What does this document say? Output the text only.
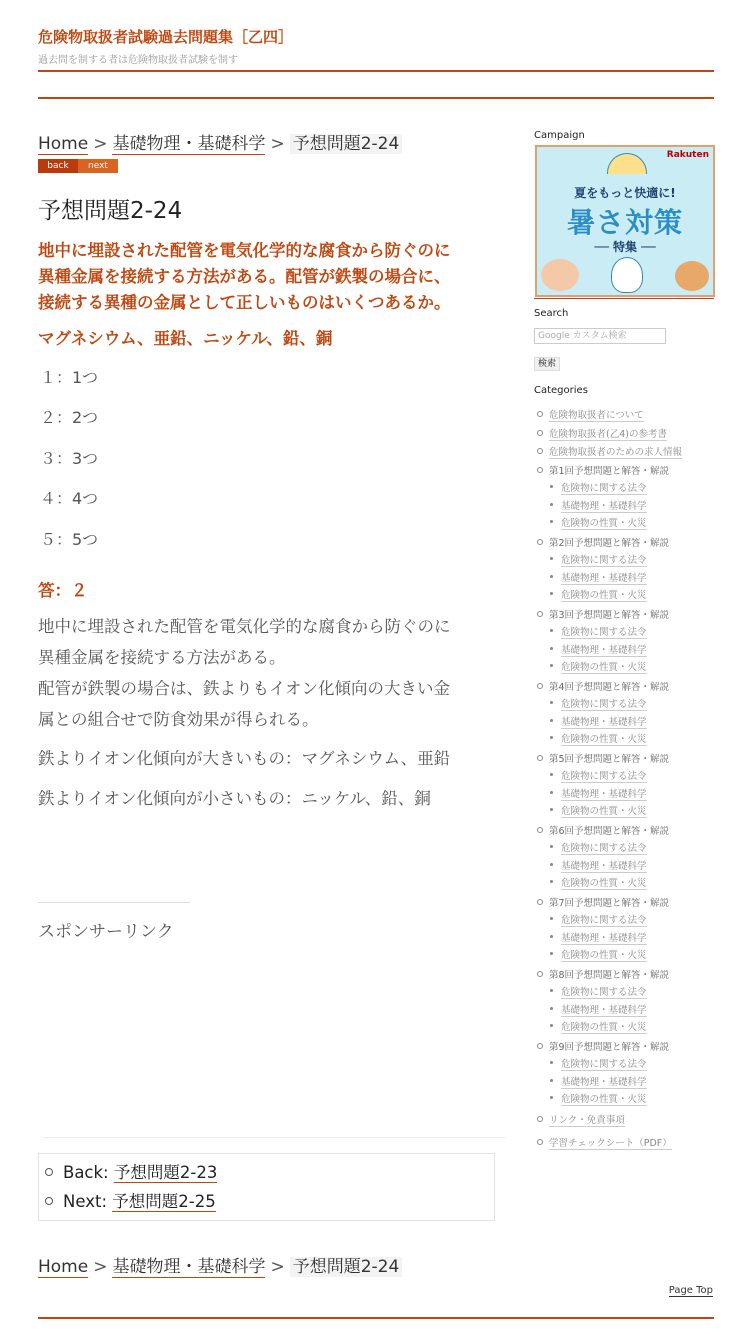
危険物取扱者試験過去問題集［乙四］
過去問を制する者は危険物取扱者試験を制す
Home > 基礎物理・基礎科学 > 予想問題2-24
back	next
予想問題2-24

地中に埋設された配管を電気化学的な腐食から防ぐのに
異種金属を接続する方法がある。配管が鉄製の場合に、
接続する異種の金属として正しいものはいくつあるか。

マグネシウム、亜鉛、ニッケル、鉛、銅

１：1つ
２：2つ
３：3つ
４：4つ
５：5つ
答：２

地中に埋設された配管を電気化学的な腐食から防ぐのに
異種金属を接続する方法がある。
配管が鉄製の場合は、鉄よりもイオン化傾向の大きい金
属との組合せで防食効果が得られる。

鉄よりイオン化傾向が大きいもの：マグネシウム、亜鉛

鉄よりイオン化傾向が小さいもの：ニッケル、鉛、銅

スポンサーリンク
Back: 予想問題2-23
Next: 予想問題2-25
Home > 基礎物理・基礎科学 > 予想問題2-24
Page Top
Campaign
Rakuten
夏をもっと快適に!
暑さ対策
── 特集 ──
Search
Google カスタム検索
検索
Categories
危険物取扱者について
危険物取扱者(乙4)の参考書
危険物取扱者のための求人情報
第1回予想問題と解答・解説
危険物に関する法令
基礎物理・基礎科学
危険物の性質・火災
第2回予想問題と解答・解説
危険物に関する法令
基礎物理・基礎科学
危険物の性質・火災
第3回予想問題と解答・解説
危険物に関する法令
基礎物理・基礎科学
危険物の性質・火災
第4回予想問題と解答・解説
危険物に関する法令
基礎物理・基礎科学
危険物の性質・火災
第5回予想問題と解答・解説
危険物に関する法令
基礎物理・基礎科学
危険物の性質・火災
第6回予想問題と解答・解説
危険物に関する法令
基礎物理・基礎科学
危険物の性質・火災
第7回予想問題と解答・解説
危険物に関する法令
基礎物理・基礎科学
危険物の性質・火災
第8回予想問題と解答・解説
危険物に関する法令
基礎物理・基礎科学
危険物の性質・火災
第9回予想問題と解答・解説
危険物に関する法令
基礎物理・基礎科学
危険物の性質・火災
リンク・免責事項
学習チェックシート（PDF）
